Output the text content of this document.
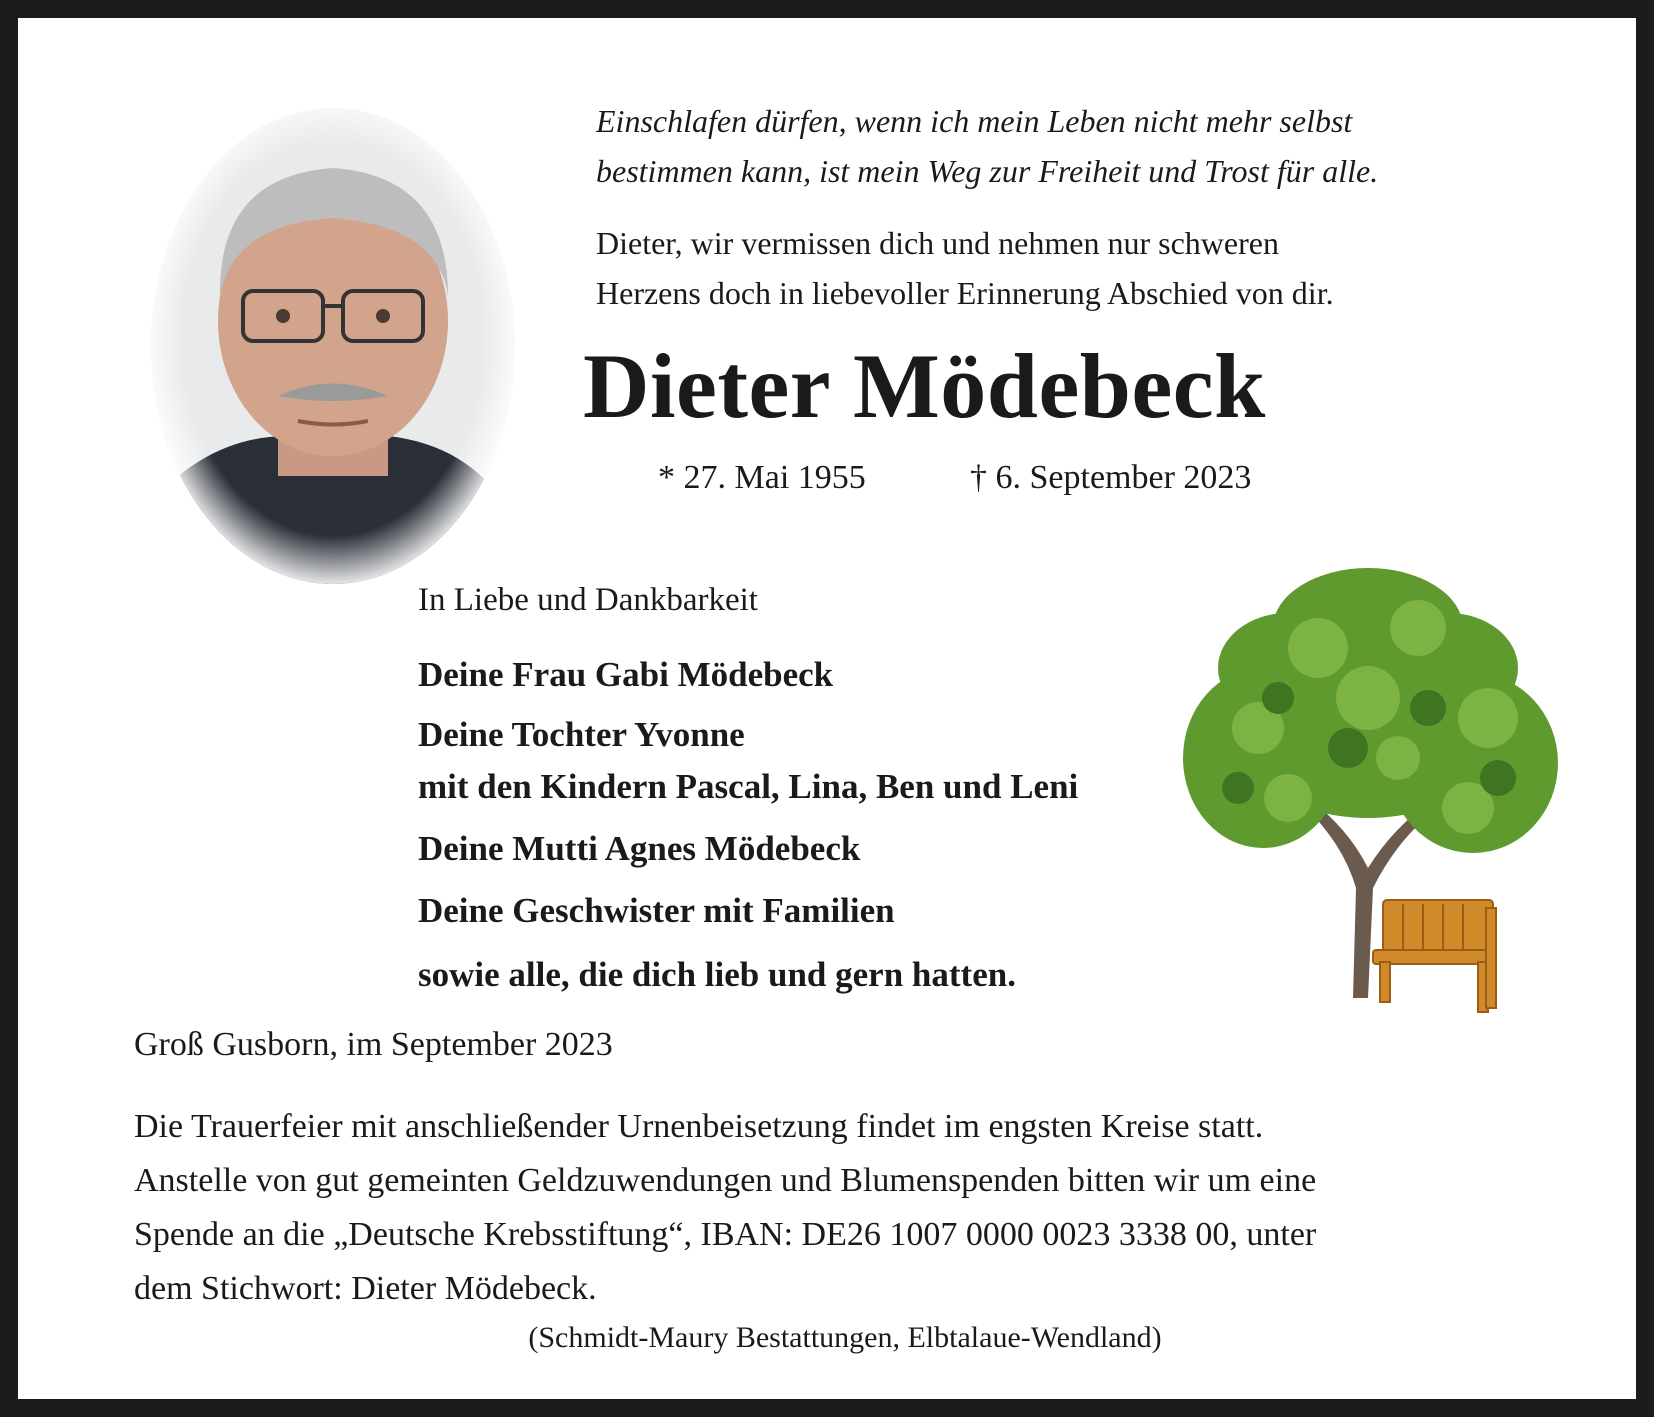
Einschlafen dürfen, wenn ich mein Leben nicht mehr selbst
bestimmen kann, ist mein Weg zur Freiheit und Trost für alle.
Dieter, wir vermissen dich und nehmen nur schweren
Herzens doch in liebevoller Erinnerung Abschied von dir.
Dieter Mödebeck
* 27. Mai 1955	† 6. September 2023
In Liebe und Dankbarkeit
Deine Frau Gabi Mödebeck
Deine Tochter Yvonne
mit den Kindern Pascal, Lina, Ben und Leni
Deine Mutti Agnes Mödebeck
Deine Geschwister mit Familien
sowie alle, die dich lieb und gern hatten.
Groß Gusborn, im September 2023
Die Trauerfeier mit anschließender Urnenbeisetzung findet im engsten Kreise statt.
Anstelle von gut gemeinten Geldzuwendungen und Blumenspenden bitten wir um eine
Spende an die „Deutsche Krebsstiftung“, IBAN: DE26 1007 0000 0023 3338 00, unter
dem Stichwort: Dieter Mödebeck.
(Schmidt-Maury Bestattungen, Elbtalaue-Wendland)
